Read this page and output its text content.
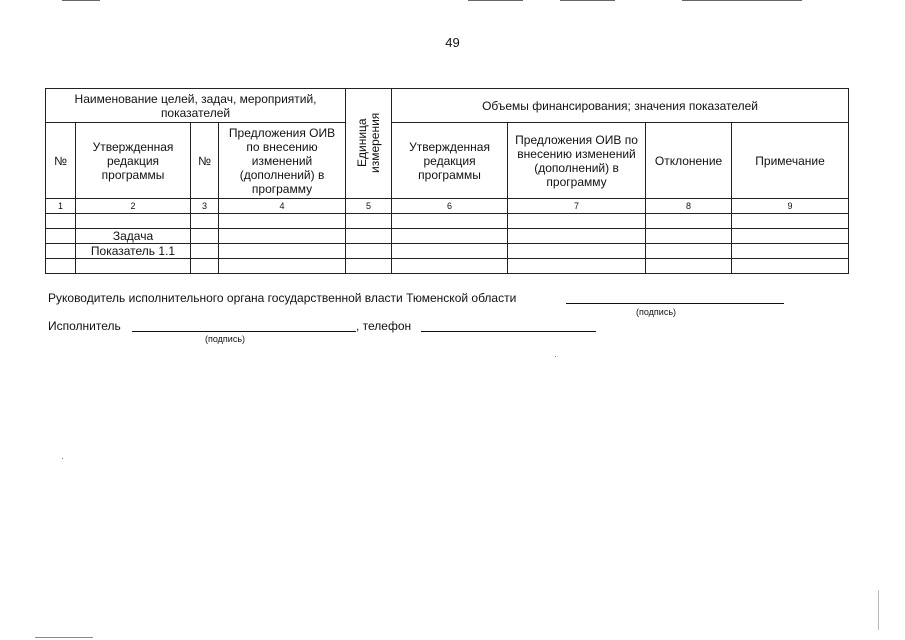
49
Наименование целей, задач, мероприятий, показателей				Единица измерения	Объемы финансирования; значения показателей			
№	Утвержденная редакция программы	№	Предложения ОИВ по внесению изменений (дополнений) в программу		Утвержденная редакция программы	Предложения ОИВ по внесению изменений (дополнений) в программу	Отклонение	Примечание
1	2	3	4	5	6	7	8	9

	Задача							
	Показатель 1.1							

Руководитель исполнительного органа государственной власти Тюменской области
(подпись)
Исполнитель	, телефон
(подпись)
